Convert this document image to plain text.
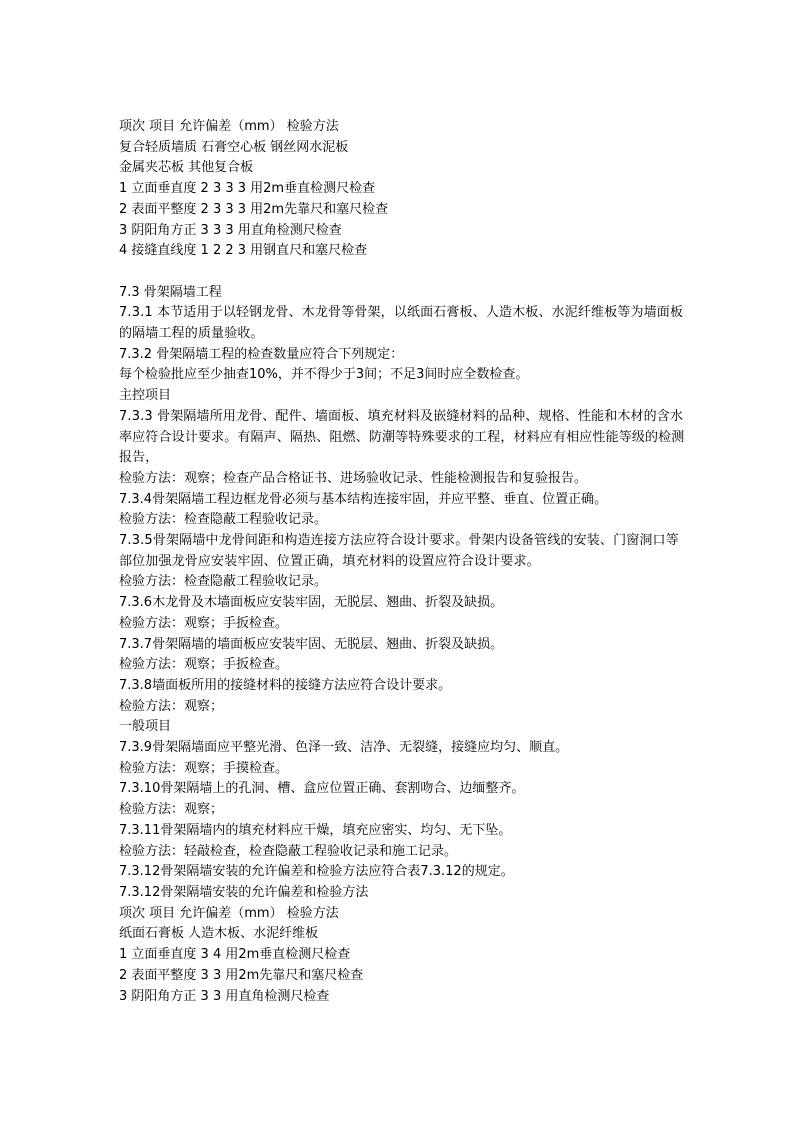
项次 项目 允许偏差（mm） 检验方法
复合轻质墙质 石膏空心板 钢丝网水泥板
金属夹芯板 其他复合板
1 立面垂直度 2 3 3 3 用2m垂直检测尺检查
2 表面平整度 2 3 3 3 用2m先靠尺和塞尺检查
3 阴阳角方正 3 3 3 用直角检测尺检查
4 接缝直线度 1 2 2 3 用钢直尺和塞尺检查
7.3 骨架隔墙工程
7.3.1 本节适用于以轻钢龙骨、木龙骨等骨架，以纸面石膏板、人造木板、水泥纤维板等为墙面板的隔墙工程的质量验收。
7.3.2 骨架隔墙工程的检查数量应符合下列规定：
每个检验批应至少抽查10%，并不得少于3间；不足3间时应全数检查。
主控项目
7.3.3 骨架隔墙所用龙骨、配件、墙面板、填充材料及嵌缝材料的品种、规格、性能和木材的含水率应符合设计要求。有隔声、隔热、阻燃、防潮等特殊要求的工程，材料应有相应性能等级的检测报告，
检验方法：观察；检查产品合格证书、进场验收记录、性能检测报告和复验报告。
7.3.4骨架隔墙工程边框龙骨必须与基本结构连接牢固，并应平整、垂直、位置正确。
检验方法：检查隐蔽工程验收记录。
7.3.5骨架隔墙中龙骨间距和构造连接方法应符合设计要求。骨架内设备管线的安装、门窗洞口等部位加强龙骨应安装牢固、位置正确，填充材料的设置应符合设计要求。
检验方法：检查隐蔽工程验收记录。
7.3.6木龙骨及木墙面板应安装牢固，无脱层、翘曲、折裂及缺损。
检验方法：观察；手扳检查。
7.3.7骨架隔墙的墙面板应安装牢固、无脱层、翘曲、折裂及缺损。
检验方法：观察；手扳检查。
7.3.8墙面板所用的接缝材料的接缝方法应符合设计要求。
检验方法：观察；
一般项目
7.3.9骨架隔墙面应平整光滑、色泽一致、洁净、无裂缝，接缝应均匀、顺直。
检验方法：观察；手摸检查。
7.3.10骨架隔墙上的孔洞、槽、盒应位置正确、套割吻合、边缅整齐。
检验方法：观察；
7.3.11骨架隔墙内的填充材料应干燥，填充应密实、均匀、无下坠。
检验方法：轻敲检查，检查隐蔽工程验收记录和施工记录。
7.3.12骨架隔墙安装的允许偏差和检验方法应符合表7.3.12的规定。
7.3.12骨架隔墙安装的允许偏差和检验方法
项次 项目 允许偏差（mm） 检验方法
纸面石膏板 人造木板、水泥纤维板
1 立面垂直度 3 4 用2m垂直检测尺检查
2 表面平整度 3 3 用2m先靠尺和塞尺检查
3 阴阳角方正 3 3 用直角检测尺检查
